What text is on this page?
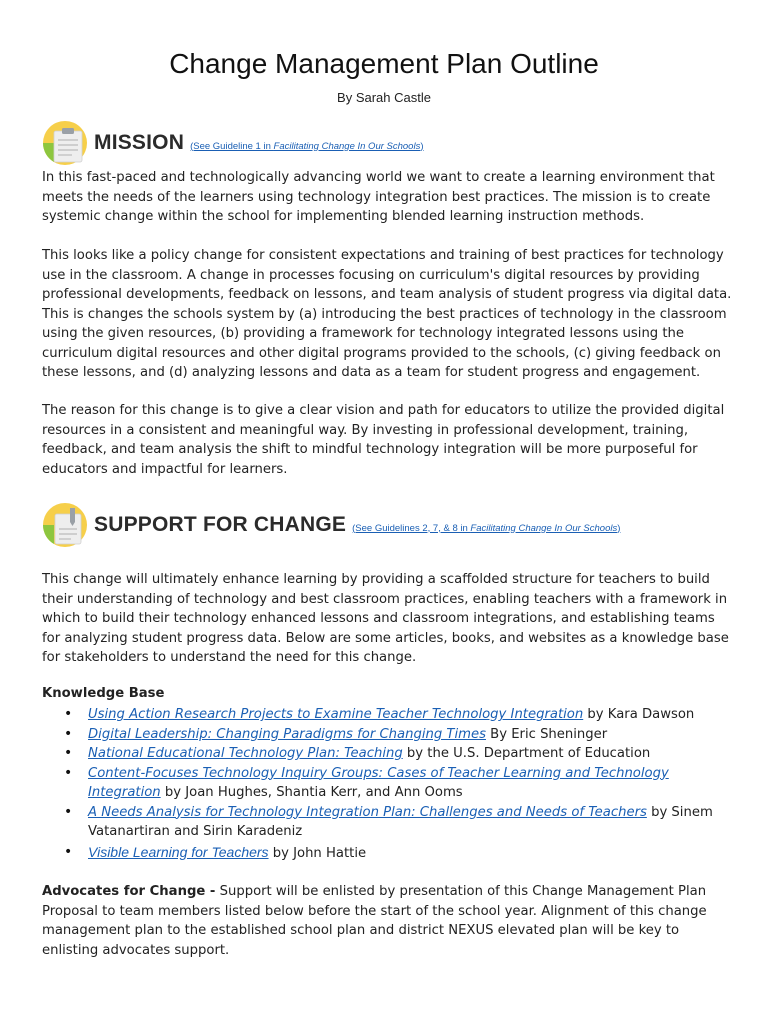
Change Management Plan Outline
By Sarah Castle
MISSION (See Guideline 1 in Facilitating Change In Our Schools)

In this fast-paced and technologically advancing world we want to create a learning environment that meets the needs of the learners using technology integration best practices. The mission is to create systemic change within the school for implementing blended learning instruction methods.

This looks like a policy change for consistent expectations and training of best practices for technology use in the classroom. A change in processes focusing on curriculum's digital resources by providing professional developments, feedback on lessons, and team analysis of student progress via digital data. This is changes the schools system by (a) introducing the best practices of technology in the classroom using the given resources, (b) providing a framework for technology integrated lessons using the curriculum digital resources and other digital programs provided to the schools, (c) giving feedback on these lessons, and (d) analyzing lessons and data as a team for student progress and engagement.

The reason for this change is to give a clear vision and path for educators to utilize the provided digital resources in a consistent and meaningful way. By investing in professional development, training, feedback, and team analysis the shift to mindful technology integration will be more purposeful for educators and impactful for learners.

SUPPORT FOR CHANGE (See Guidelines 2, 7, & 8 in Facilitating Change In Our Schools)

This change will ultimately enhance learning by providing a scaffolded structure for teachers to build their understanding of technology and best classroom practices, enabling teachers with a framework in which to build their technology enhanced lessons and classroom integrations, and establishing teams for analyzing student progress data. Below are some articles, books, and websites as a knowledge base for stakeholders to understand the need for this change.

Knowledge Base
• Using Action Research Projects to Examine Teacher Technology Integration by Kara Dawson
• Digital Leadership: Changing Paradigms for Changing Times By Eric Sheninger
• National Educational Technology Plan: Teaching by the U.S. Department of Education
• Content-Focuses Technology Inquiry Groups: Cases of Teacher Learning and Technology Integration by Joan Hughes, Shantia Kerr, and Ann Ooms
• A Needs Analysis for Technology Integration Plan: Challenges and Needs of Teachers by Sinem Vatanartiran and Sirin Karadeniz
• Visible Learning for Teachers by John Hattie

Advocates for Change - Support will be enlisted by presentation of this Change Management Plan Proposal to team members listed below before the start of the school year. Alignment of this change management plan to the established school plan and district NEXUS elevated plan will be key to enlisting advocates support.
